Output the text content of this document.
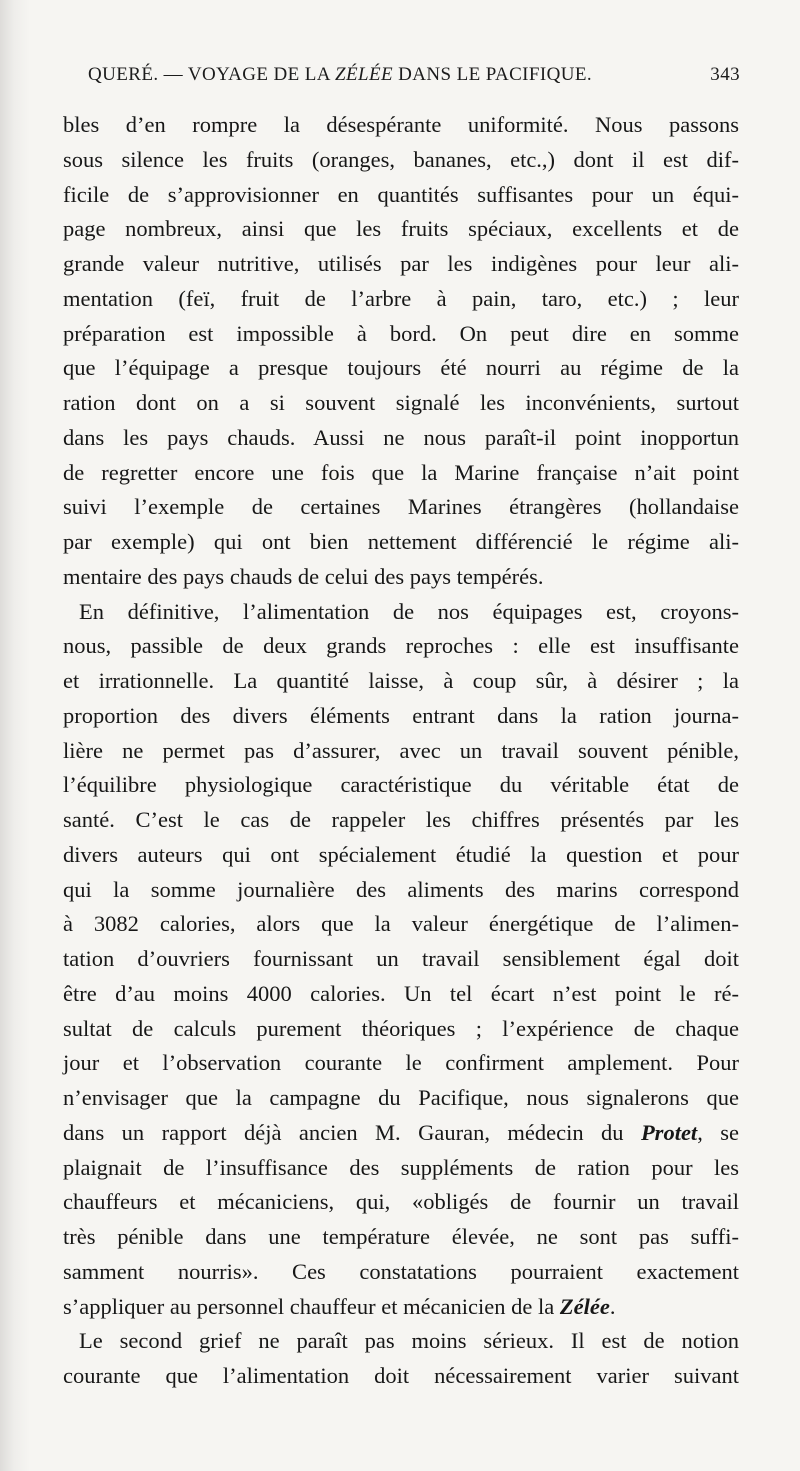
QUERÉ. — VOYAGE DE LA ZÉLÉE DANS LE PACIFIQUE.	343
bles d’en rompre la désespérante uniformité. Nous passons
sous silence les fruits (oranges, bananes, etc.,) dont il est dif-
ficile de s’approvisionner en quantités suffisantes pour un équi-
page nombreux, ainsi que les fruits spéciaux, excellents et de
grande valeur nutritive, utilisés par les indigènes pour leur ali-
mentation (feï, fruit de l’arbre à pain, taro, etc.) ; leur
préparation est impossible à bord. On peut dire en somme
que l’équipage a presque toujours été nourri au régime de la
ration dont on a si souvent signalé les inconvénients, surtout
dans les pays chauds. Aussi ne nous paraît-il point inopportun
de regretter encore une fois que la Marine française n’ait point
suivi l’exemple de certaines Marines étrangères (hollandaise
par exemple) qui ont bien nettement différencié le régime ali-
mentaire des pays chauds de celui des pays tempérés.
En définitive, l’alimentation de nos équipages est, croyons-
nous, passible de deux grands reproches : elle est insuffisante
et irrationnelle. La quantité laisse, à coup sûr, à désirer ; la
proportion des divers éléments entrant dans la ration journa-
lière ne permet pas d’assurer, avec un travail souvent pénible,
l’équilibre physiologique caractéristique du véritable état de
santé. C’est le cas de rappeler les chiffres présentés par les
divers auteurs qui ont spécialement étudié la question et pour
qui la somme journalière des aliments des marins correspond
à 3082 calories, alors que la valeur énergétique de l’alimen-
tation d’ouvriers fournissant un travail sensiblement égal doit
être d’au moins 4000 calories. Un tel écart n’est point le ré-
sultat de calculs purement théoriques ; l’expérience de chaque
jour et l’observation courante le confirment amplement. Pour
n’envisager que la campagne du Pacifique, nous signalerons que
dans un rapport déjà ancien M. Gauran, médecin du Protet, se
plaignait de l’insuffisance des suppléments de ration pour les
chauffeurs et mécaniciens, qui, «obligés de fournir un travail
très pénible dans une température élevée, ne sont pas suffi-
samment nourris». Ces constatations pourraient exactement
s’appliquer au personnel chauffeur et mécanicien de la Zélée.
Le second grief ne paraît pas moins sérieux. Il est de notion
courante que l’alimentation doit nécessairement varier suivant
